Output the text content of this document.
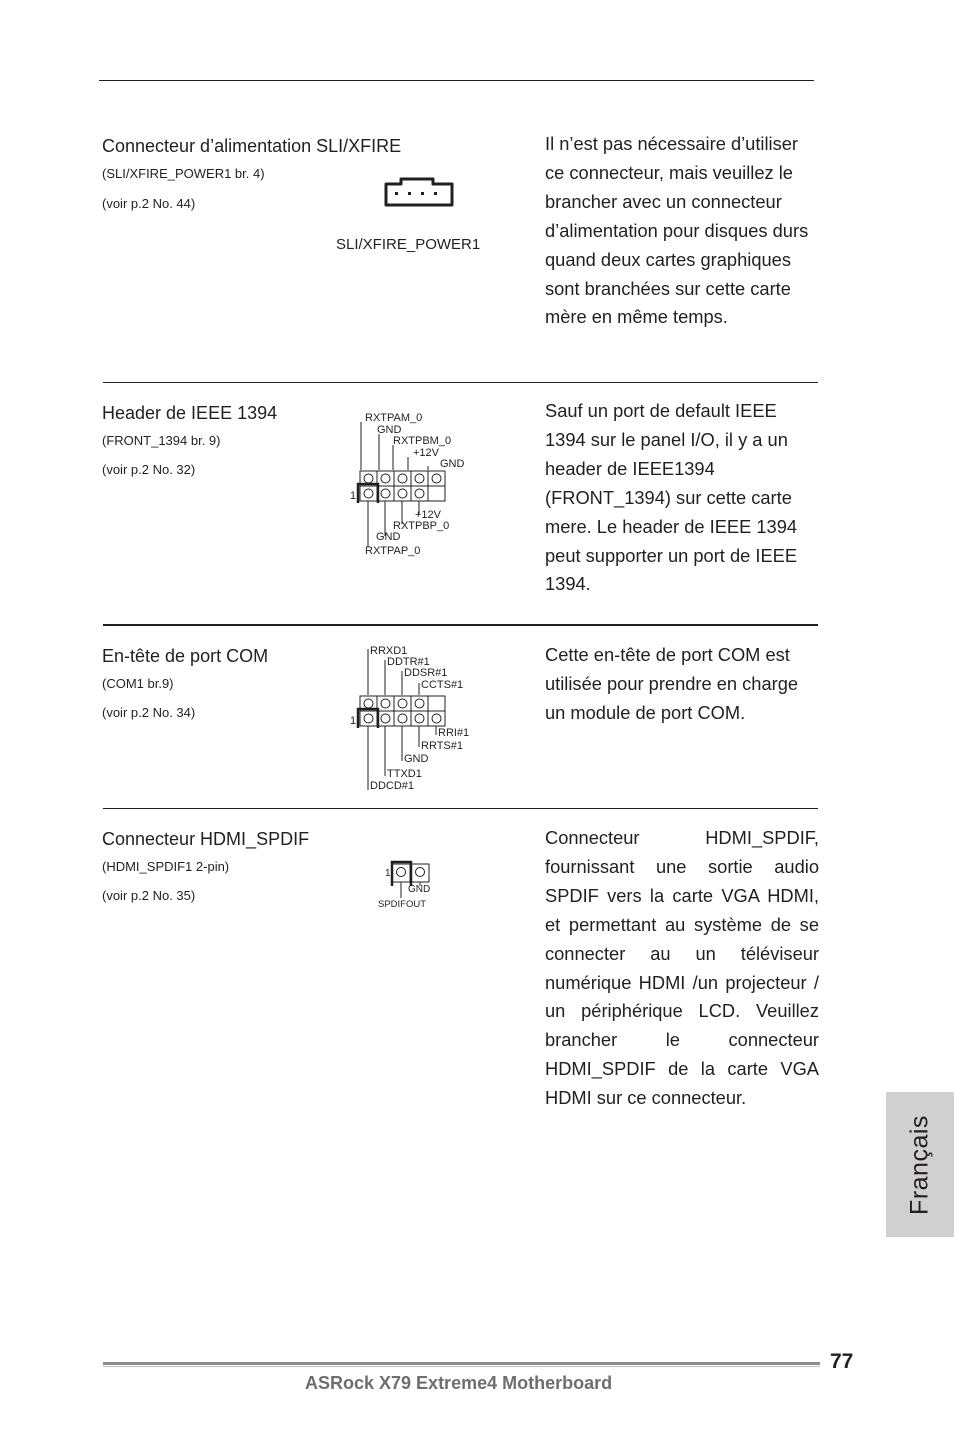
Connecteur d’alimentation SLI/XFIRE
(SLI/XFIRE_POWER1 br. 4)
(voir p.2 No. 44)
SLI/XFIRE_POWER1
Il n’est pas nécessaire d’utiliser ce connecteur, mais veuillez le brancher avec un connecteur d’alimentation pour disques durs quand deux cartes graphiques sont branchées sur cette carte mère en même temps.
Header de IEEE 1394
(FRONT_1394 br. 9)
(voir p.2 No. 32)
RXTPAM_0
GND
RXTPBM_0
+12V
GND
+12V
RXTPBP_0
GND
RXTPAP_0
1
Sauf un port de default IEEE 1394 sur le panel I/O, il y a un header de IEEE1394 (FRONT_1394) sur cette carte mere. Le header de IEEE 1394 peut supporter un port de IEEE 1394.
En-tête de port COM
(COM1 br.9)
(voir p.2 No. 34)
RRXD1
DDTR#1
DDSR#1
CCTS#1
RRI#1
RRTS#1
GND
TTXD1
DDCD#1
1
Cette en-tête de port COM est utilisée pour prendre en charge un module de port COM.
Connecteur HDMI_SPDIF
(HDMI_SPDIF1 2-pin)
(voir p.2 No. 35)
1
GND
SPDIFOUT
Connecteur HDMI_SPDIF, fournissant une sortie audio SPDIF vers la carte VGA HDMI, et permettant au système de se connecter au un téléviseur numérique HDMI /un projecteur / un périphérique LCD. Veuillez brancher le connecteur HDMI_SPDIF de la carte VGA HDMI sur ce connecteur.
Français
77
ASRock X79 Extreme4 Motherboard
